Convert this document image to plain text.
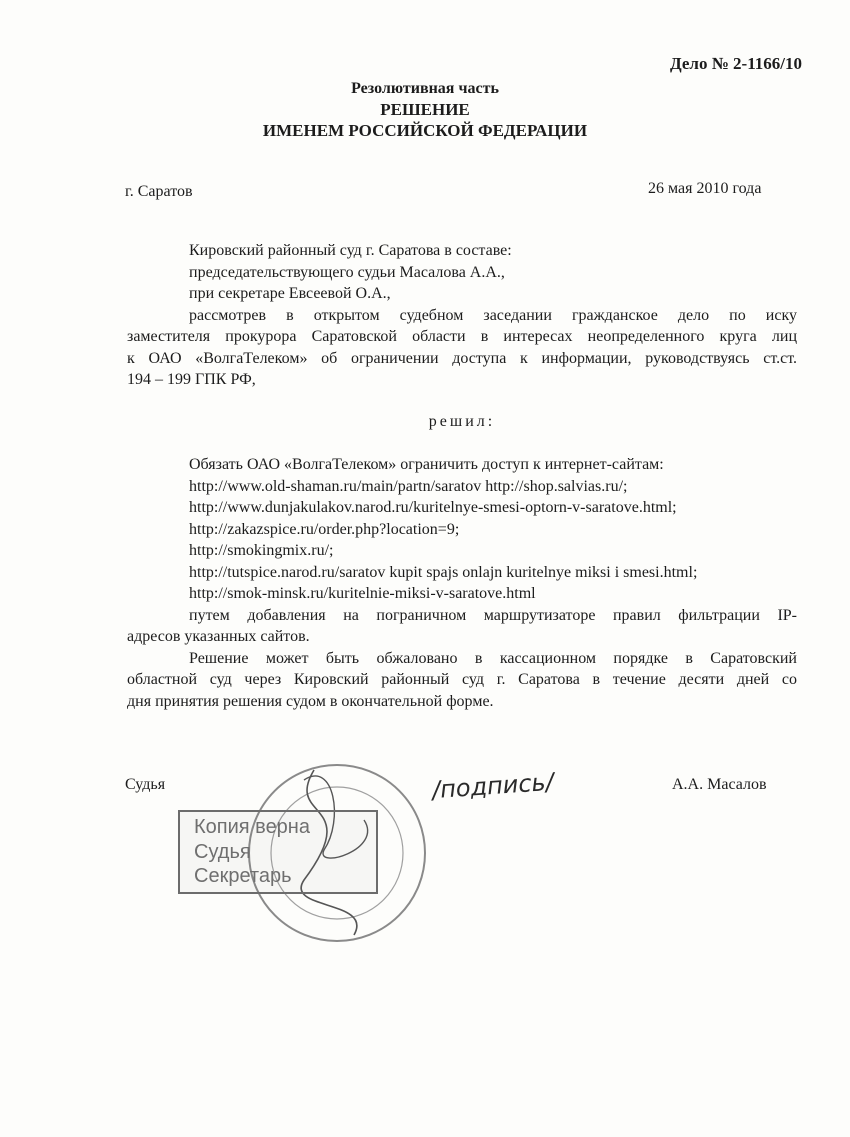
Дело № 2-1166/10
Резолютивная часть
РЕШЕНИЕ
ИМЕНЕМ РОССИЙСКОЙ ФЕДЕРАЦИИ
г. Саратов	26 мая 2010 года
Кировский районный суд г. Саратова в составе:
председательствующего судьи Масалова А.А.,
при секретаре Евсеевой О.А.,
рассмотрев в открытом судебном заседании гражданское дело по иску
заместителя прокурора Саратовской области в интересах неопределенного круга лиц
к ОАО «ВолгаТелеком» об ограничении доступа к информации, руководствуясь ст.ст.
194 – 199 ГПК РФ,
решил:
Обязать ОАО «ВолгаТелеком» ограничить доступ к интернет-сайтам:
http://www.old-shaman.ru/main/partn/saratov http://shop.salvias.ru/;
http://www.dunjakulakov.narod.ru/kuritelnye-smesi-optorn-v-saratove.html;
http://zakazspice.ru/order.php?location=9;
http://smokingmix.ru/;
http://tutspice.narod.ru/saratov kupit spajs onlajn kuritelnye miksi i smesi.html;
http://smok-minsk.ru/kuritelnie-miksi-v-saratove.html
путем добавления на пограничном маршрутизаторе правил фильтрации IP-
адресов указанных сайтов.
Решение может быть обжаловано в кассационном порядке в Саратовский
областной суд через Кировский районный суд г. Саратова в течение десяти дней со
дня принятия решения судом в окончательной форме.
Судья	/подпись/	А.А. Масалов
Копия верна
Судья
Секретарь
